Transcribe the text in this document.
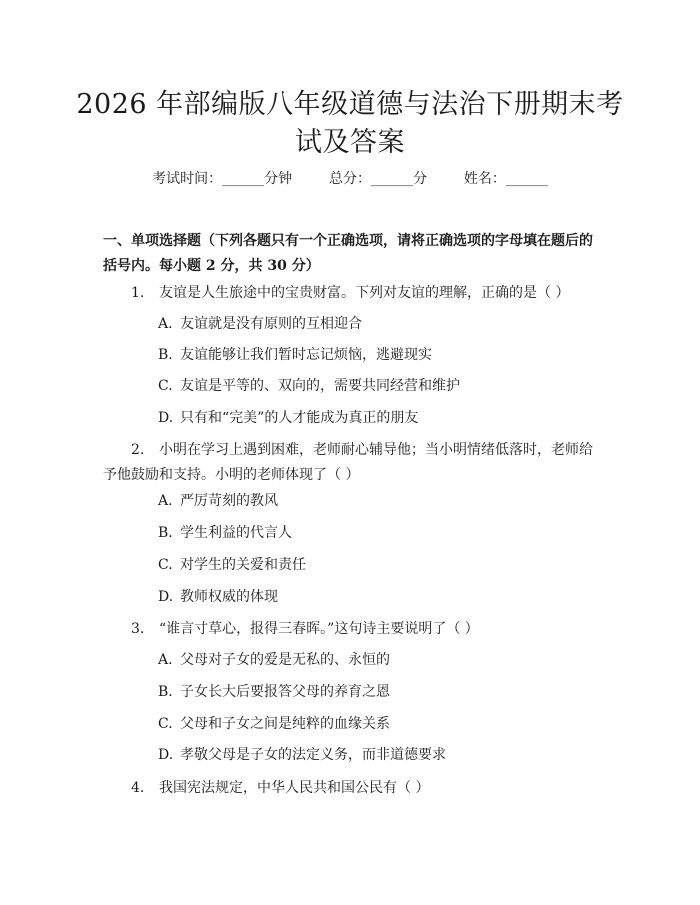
2026 年部编版八年级道德与法治下册期末考
试及答案
考试时间：______分钟	总分：______分	姓名：______

一、单项选择题（下列各题只有一个正确选项，请将正确选项的字母填在题后的括号内。每小题 2 分，共 30 分）

1. 友谊是人生旅途中的宝贵财富。下列对友谊的理解，正确的是（ ）

A. 友谊就是没有原则的互相迎合

B. 友谊能够让我们暂时忘记烦恼，逃避现实

C. 友谊是平等的、双向的，需要共同经营和维护

D. 只有和“完美”的人才能成为真正的朋友

2. 小明在学习上遇到困难，老师耐心辅导他；当小明情绪低落时，老师给予他鼓励和支持。小明的老师体现了（ ）

A. 严厉苛刻的教风

B. 学生利益的代言人

C. 对学生的关爱和责任

D. 教师权威的体现

3. “谁言寸草心，报得三春晖。”这句诗主要说明了（ ）

A. 父母对子女的爱是无私的、永恒的

B. 子女长大后要报答父母的养育之恩

C. 父母和子女之间是纯粹的血缘关系

D. 孝敬父母是子女的法定义务，而非道德要求

4. 我国宪法规定，中华人民共和国公民有（ ）
